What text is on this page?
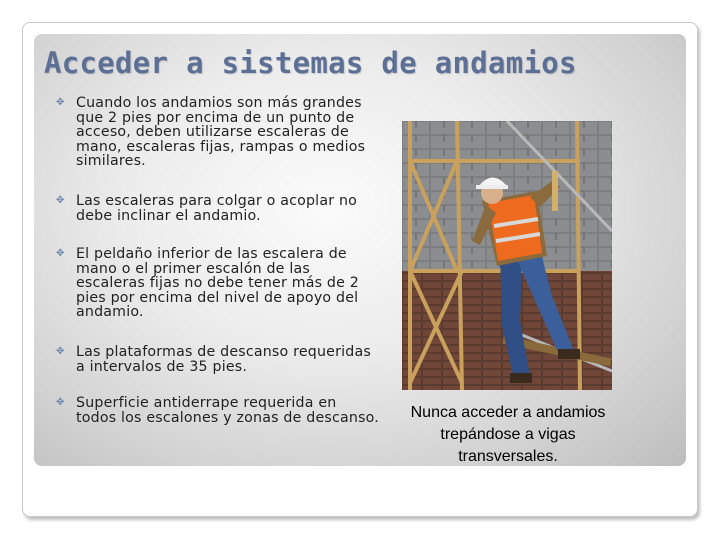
Acceder a sistemas de andamios
✥ Cuando los andamios son más grandes que 2 pies por encima de un punto de acceso, deben utilizarse escaleras de mano, escaleras fijas, rampas o medios similares.
✥ Las escaleras para colgar o acoplar no debe inclinar el andamio.
✥ El peldaño inferior de las escalera de mano o el primer escalón de las escaleras fijas no debe tener más de 2 pies por encima del nivel de apoyo del andamio.
✥ Las plataformas de descanso requeridas a intervalos de 35 pies.
✥ Superficie antiderrape requerida en todos los escalones y zonas de descanso.	Nunca acceder a andamios trepándose a vigas transversales.
